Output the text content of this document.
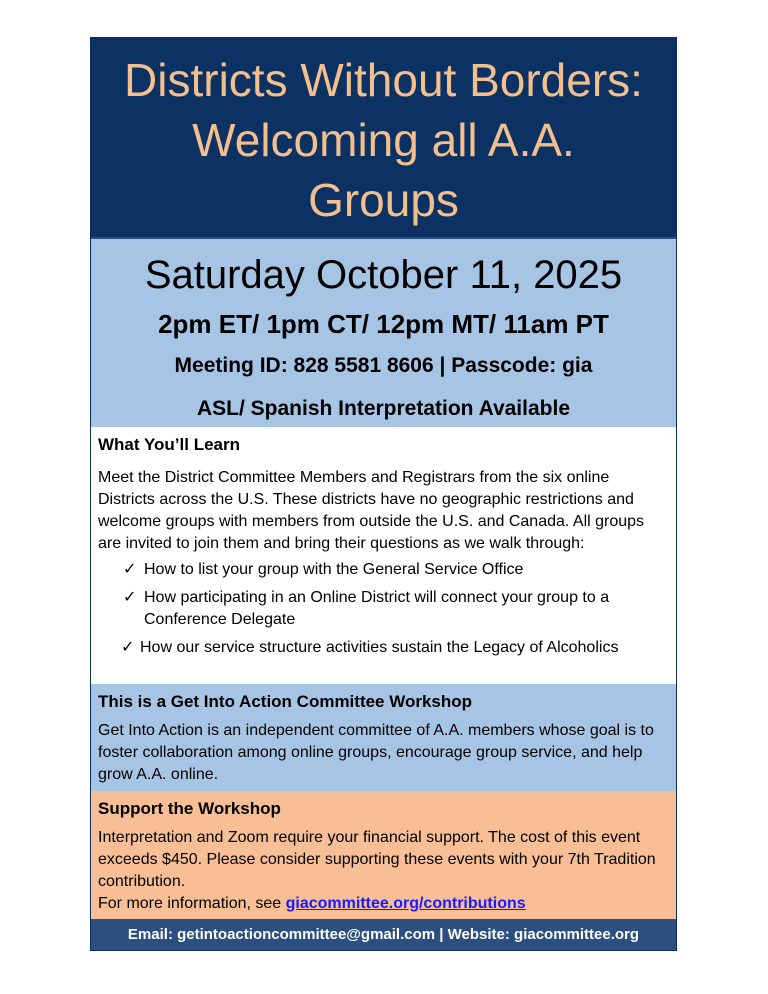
Districts Without Borders:
Welcoming all A.A.
Groups
Saturday October 11, 2025
2pm ET/ 1pm CT/ 12pm MT/ 11am PT
Meeting ID: 828 5581 8606 | Passcode: gia
ASL/ Spanish Interpretation Available
What You’ll Learn

Meet the District Committee Members and Registrars from the six online Districts across the U.S. These districts have no geographic restrictions and welcome groups with members from outside the U.S. and Canada. All groups are invited to join them and bring their questions as we walk through:

✓ How to list your group with the General Service Office
✓ How participating in an Online District will connect your group to a Conference Delegate
✓ How our service structure activities sustain the Legacy of Alcoholics
This is a Get Into Action Committee Workshop

Get Into Action is an independent committee of A.A. members whose goal is to foster collaboration among online groups, encourage group service, and help grow A.A. online.

Support the Workshop

Interpretation and Zoom require your financial support. The cost of this event exceeds $450. Please consider supporting these events with your 7th Tradition contribution.
For more information, see giacommittee.org/contributions

Email: getintoactioncommittee@gmail.com | Website: giacommittee.org
